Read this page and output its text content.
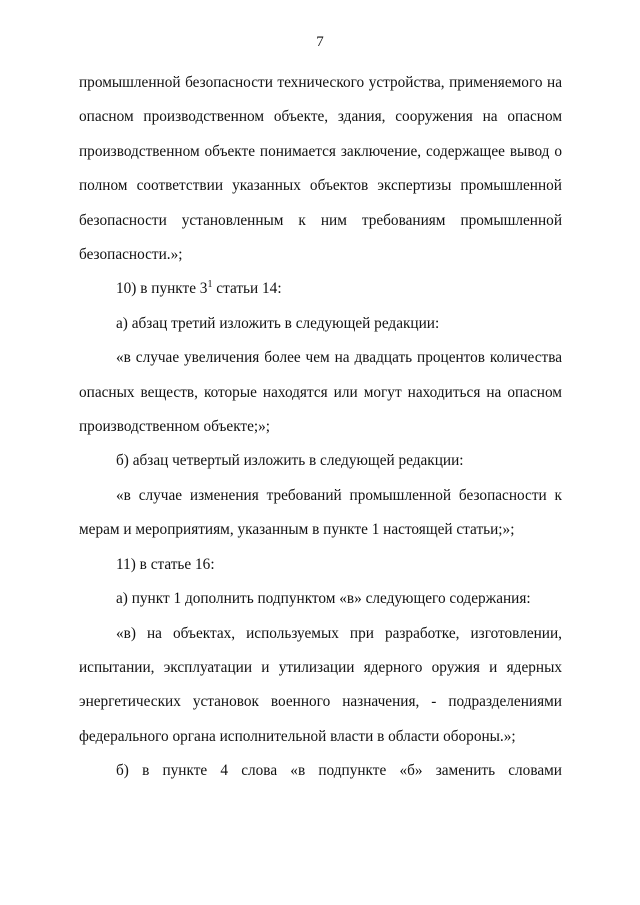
7

промышленной безопасности технического устройства, применяемого на опасном производственном объекте, здания, сооружения на опасном производственном объекте понимается заключение, содержащее вывод о полном соответствии указанных объектов экспертизы промышленной безопасности установленным к ним требованиям промышленной безопасности.»;

10) в пункте $3^1$ статьи 14:

а) абзац третий изложить в следующей редакции:

«в случае увеличения более чем на двадцать процентов количества опасных веществ, которые находятся или могут находиться на опасном производственном объекте;»;

б) абзац четвертый изложить в следующей редакции:

«в случае изменения требований промышленной безопасности к мерам и мероприятиям, указанным в пункте 1 настоящей статьи;»;

11) в статье 16:

а) пункт 1 дополнить подпунктом «в» следующего содержания:

«в) на объектах, используемых при разработке, изготовлении, испытании, эксплуатации и утилизации ядерного оружия и ядерных энергетических установок военного назначения, - подразделениями федерального органа исполнительной власти в области обороны.»;

б) в пункте 4 слова «в подпункте «б» заменить словами
